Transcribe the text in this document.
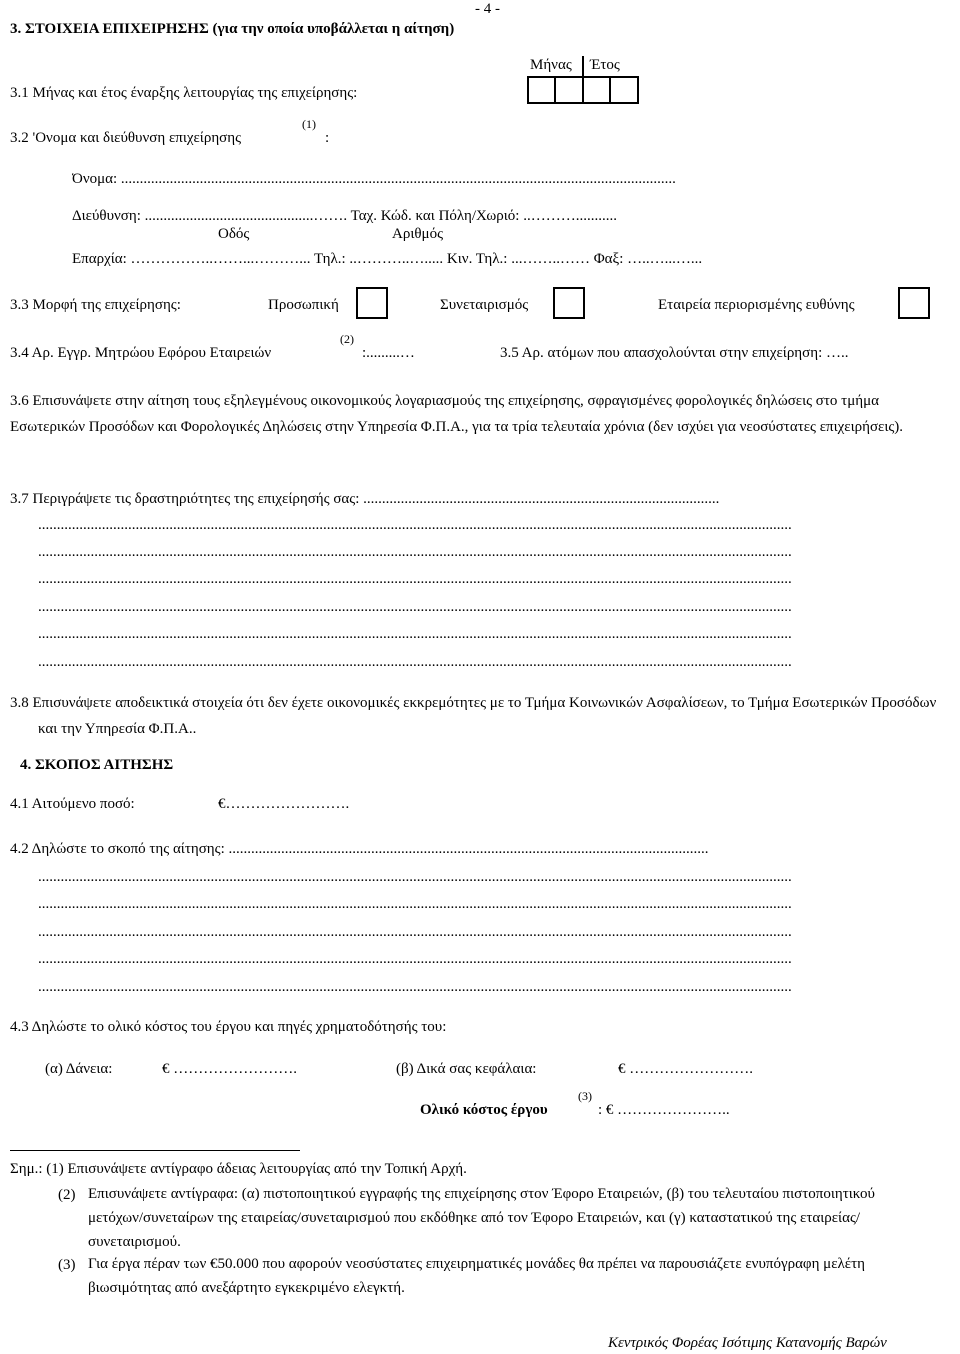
- 4 -
3. ΣΤΟΙΧΕΙΑ ΕΠΙΧΕΙΡΗΣΗΣ (για την οποία υποβάλλεται η αίτηση)
Μήνας Έτος
3.1 Μήνας και έτος έναρξης λειτουργίας της επιχείρησης:
3.2 'Ονομα και διεύθυνση επιχείρησης
(1)
:
Όνομα: ....................................................................................................................................................
Διεύθυνση: .............................................……. Ταχ. Κώδ. και Πόλη/Χωριό: ..………...........
Οδός	Αριθμός
Επαρχία: ……………..……...………... Τηλ.: ..………..…..... Κιν. Τηλ.: ...……..…… Φαξ: …..…...…...
3.3 Μορφή της επιχείρησης:	Προσωπική	Συνεταιρισμός	Εταιρεία περιορισμένης ευθύνης
3.4 Αρ. Εγγρ. Μητρώου Εφόρου Εταιρειών
(2)
:.........…	3.5 Αρ. ατόμων που απασχολούνται στην επιχείρηση: …..
3.6 Επισυνάψετε στην αίτηση τους εξηλεγμένους οικονομικούς λογαριασμούς της επιχείρησης, σφραγισμένες φορολογικές δηλώσεις στο τμήμα Εσωτερικών Προσόδων και Φορολογικές Δηλώσεις στην Υπηρεσία Φ.Π.Α., για τα τρία τελευταία χρόνια (δεν ισχύει για νεοσύστατες επιχειρήσεις).
3.7 Περιγράψετε τις δραστηριότητες της επιχείρησής σας: ...............................................................................................
.........................................................................................................................................................................................................
.........................................................................................................................................................................................................
.........................................................................................................................................................................................................
.........................................................................................................................................................................................................
.........................................................................................................................................................................................................
.........................................................................................................................................................................................................
3.8 Επισυνάψετε αποδεικτικά στοιχεία ότι δεν έχετε οικονομικές εκκρεμότητες με το Τμήμα Κοινωνικών Ασφαλίσεων, το Τμήμα Εσωτερικών Προσόδων και την Υπηρεσία Φ.Π.Α..
4. ΣΚΟΠΟΣ ΑΙΤΗΣΗΣ
4.1 Αιτούμενο ποσό:	€…………………….
4.2 Δηλώστε το σκοπό της αίτησης: ................................................................................................................................
.........................................................................................................................................................................................................
.........................................................................................................................................................................................................
.........................................................................................................................................................................................................
.........................................................................................................................................................................................................
.........................................................................................................................................................................................................
4.3 Δηλώστε το ολικό κόστος του έργου και πηγές χρηματοδότησής του:
(α) Δάνεια:	€ …………………….	(β) Δικά σας κεφάλαια:	€ …………………….
Ολικό κόστος έργου
(3)
: € …………………..
Σημ.: (1) Επισυνάψετε αντίγραφο άδειας λειτουργίας από την Τοπική Αρχή.
(2) Επισυνάψετε αντίγραφα: (α) πιστοποιητικού εγγραφής της επιχείρησης στον Έφορο Εταιρειών, (β) του τελευταίου πιστοποιητικού μετόχων/συνεταίρων της εταιρείας/συνεταιρισμού που εκδόθηκε από τον Έφορο Εταιρειών, και (γ) καταστατικού της εταιρείας/συνεταιρισμού.
(3) Για έργα πέραν των €50.000 που αφορούν νεοσύστατες επιχειρηματικές μονάδες θα πρέπει να παρουσιάζετε ενυπόγραφη μελέτη βιωσιμότητας από ανεξάρτητο εγκεκριμένο ελεγκτή.
Κεντρικός Φορέας Ισότιμης Κατανομής Βαρών
